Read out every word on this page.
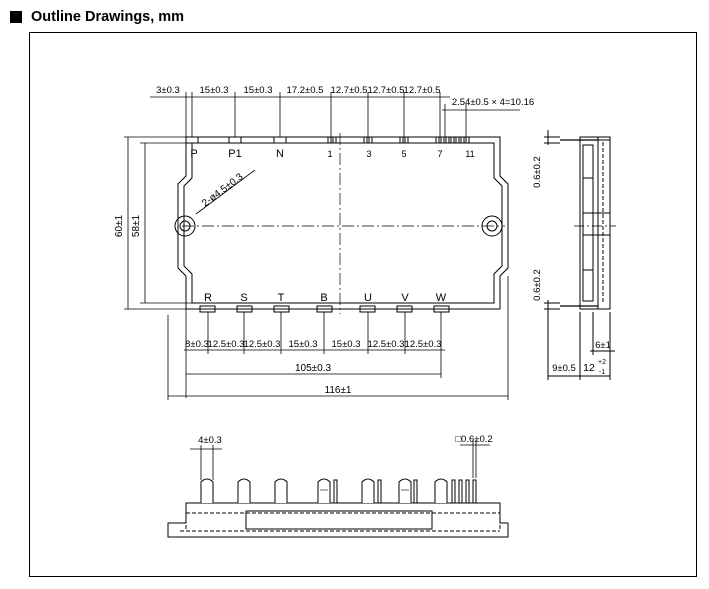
Outline Drawings, mm
P	P1	N	1	3	5	7	11
R	S	T	B	U	V W
3±0.3 15±0.3 15±0.3 17.2±0.5 12.7±0.5 12.7±0.5 12.7±0.5
2.54±0.5 × 4=10.16
2-ø4.5±0.3
60±1 58±1
8±0.3
12.5±0.3 12.5±0.3 15±0.3 15±0.3 12.5±0.3 12.5±0.3
105±0.3
116±1
0.6±0.2
0.6±0.2
9±0.5 12 +2
-1
6±1
4±0.3	□0.6±0.2
